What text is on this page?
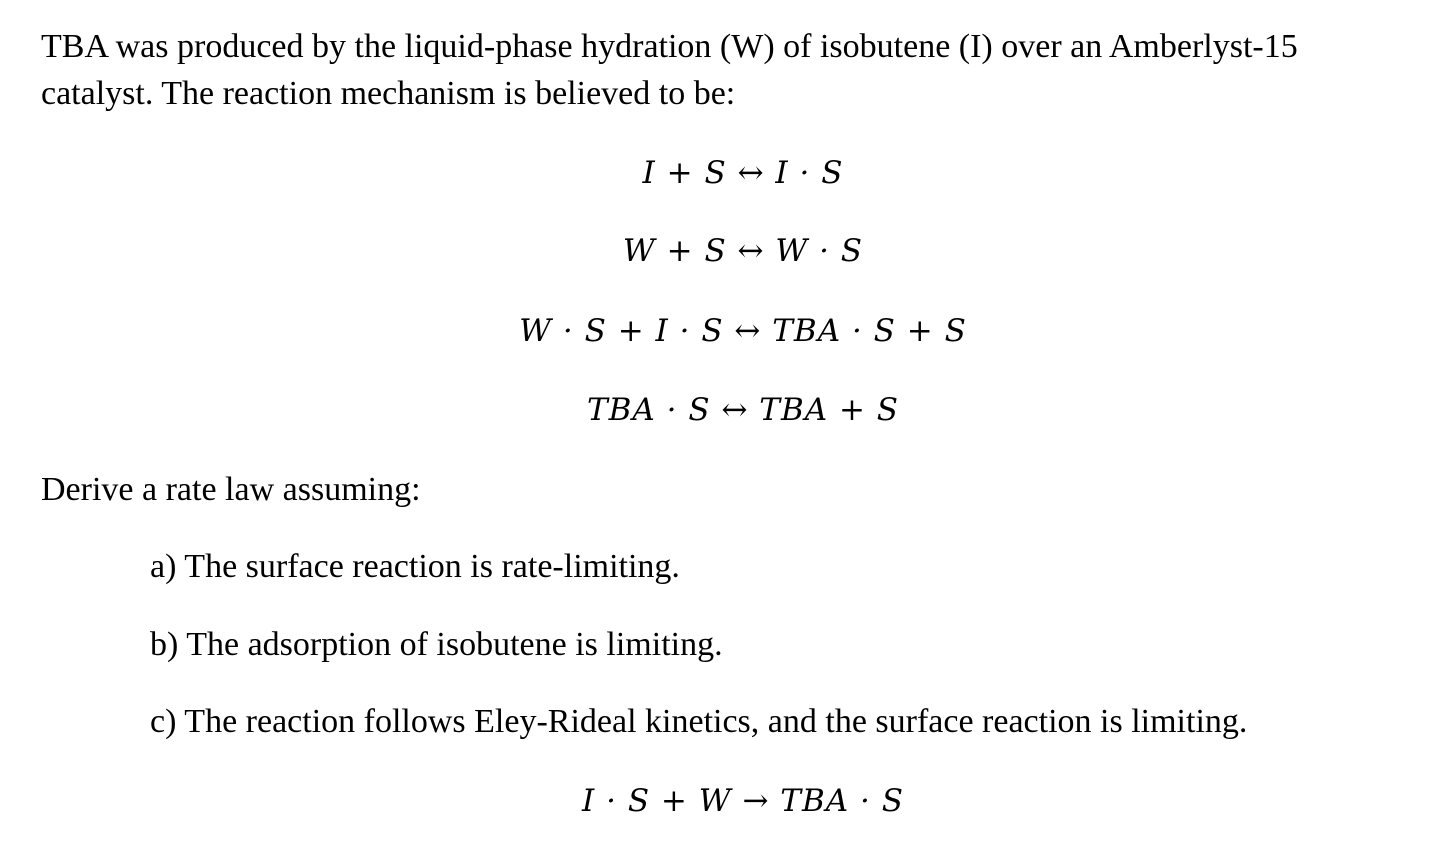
TBA was produced by the liquid-phase hydration (W) of isobutene (I) over an Amberlyst-15
catalyst. The reaction mechanism is believed to be:
I + S ↔ I · S
W + S ↔ W · S
W · S + I · S ↔ TBA · S + S
TBA · S ↔ TBA + S
Derive a rate law assuming:
a) The surface reaction is rate-limiting.
b) The adsorption of isobutene is limiting.
c) The reaction follows Eley-Rideal kinetics, and the surface reaction is limiting.
I · S + W → TBA · S
